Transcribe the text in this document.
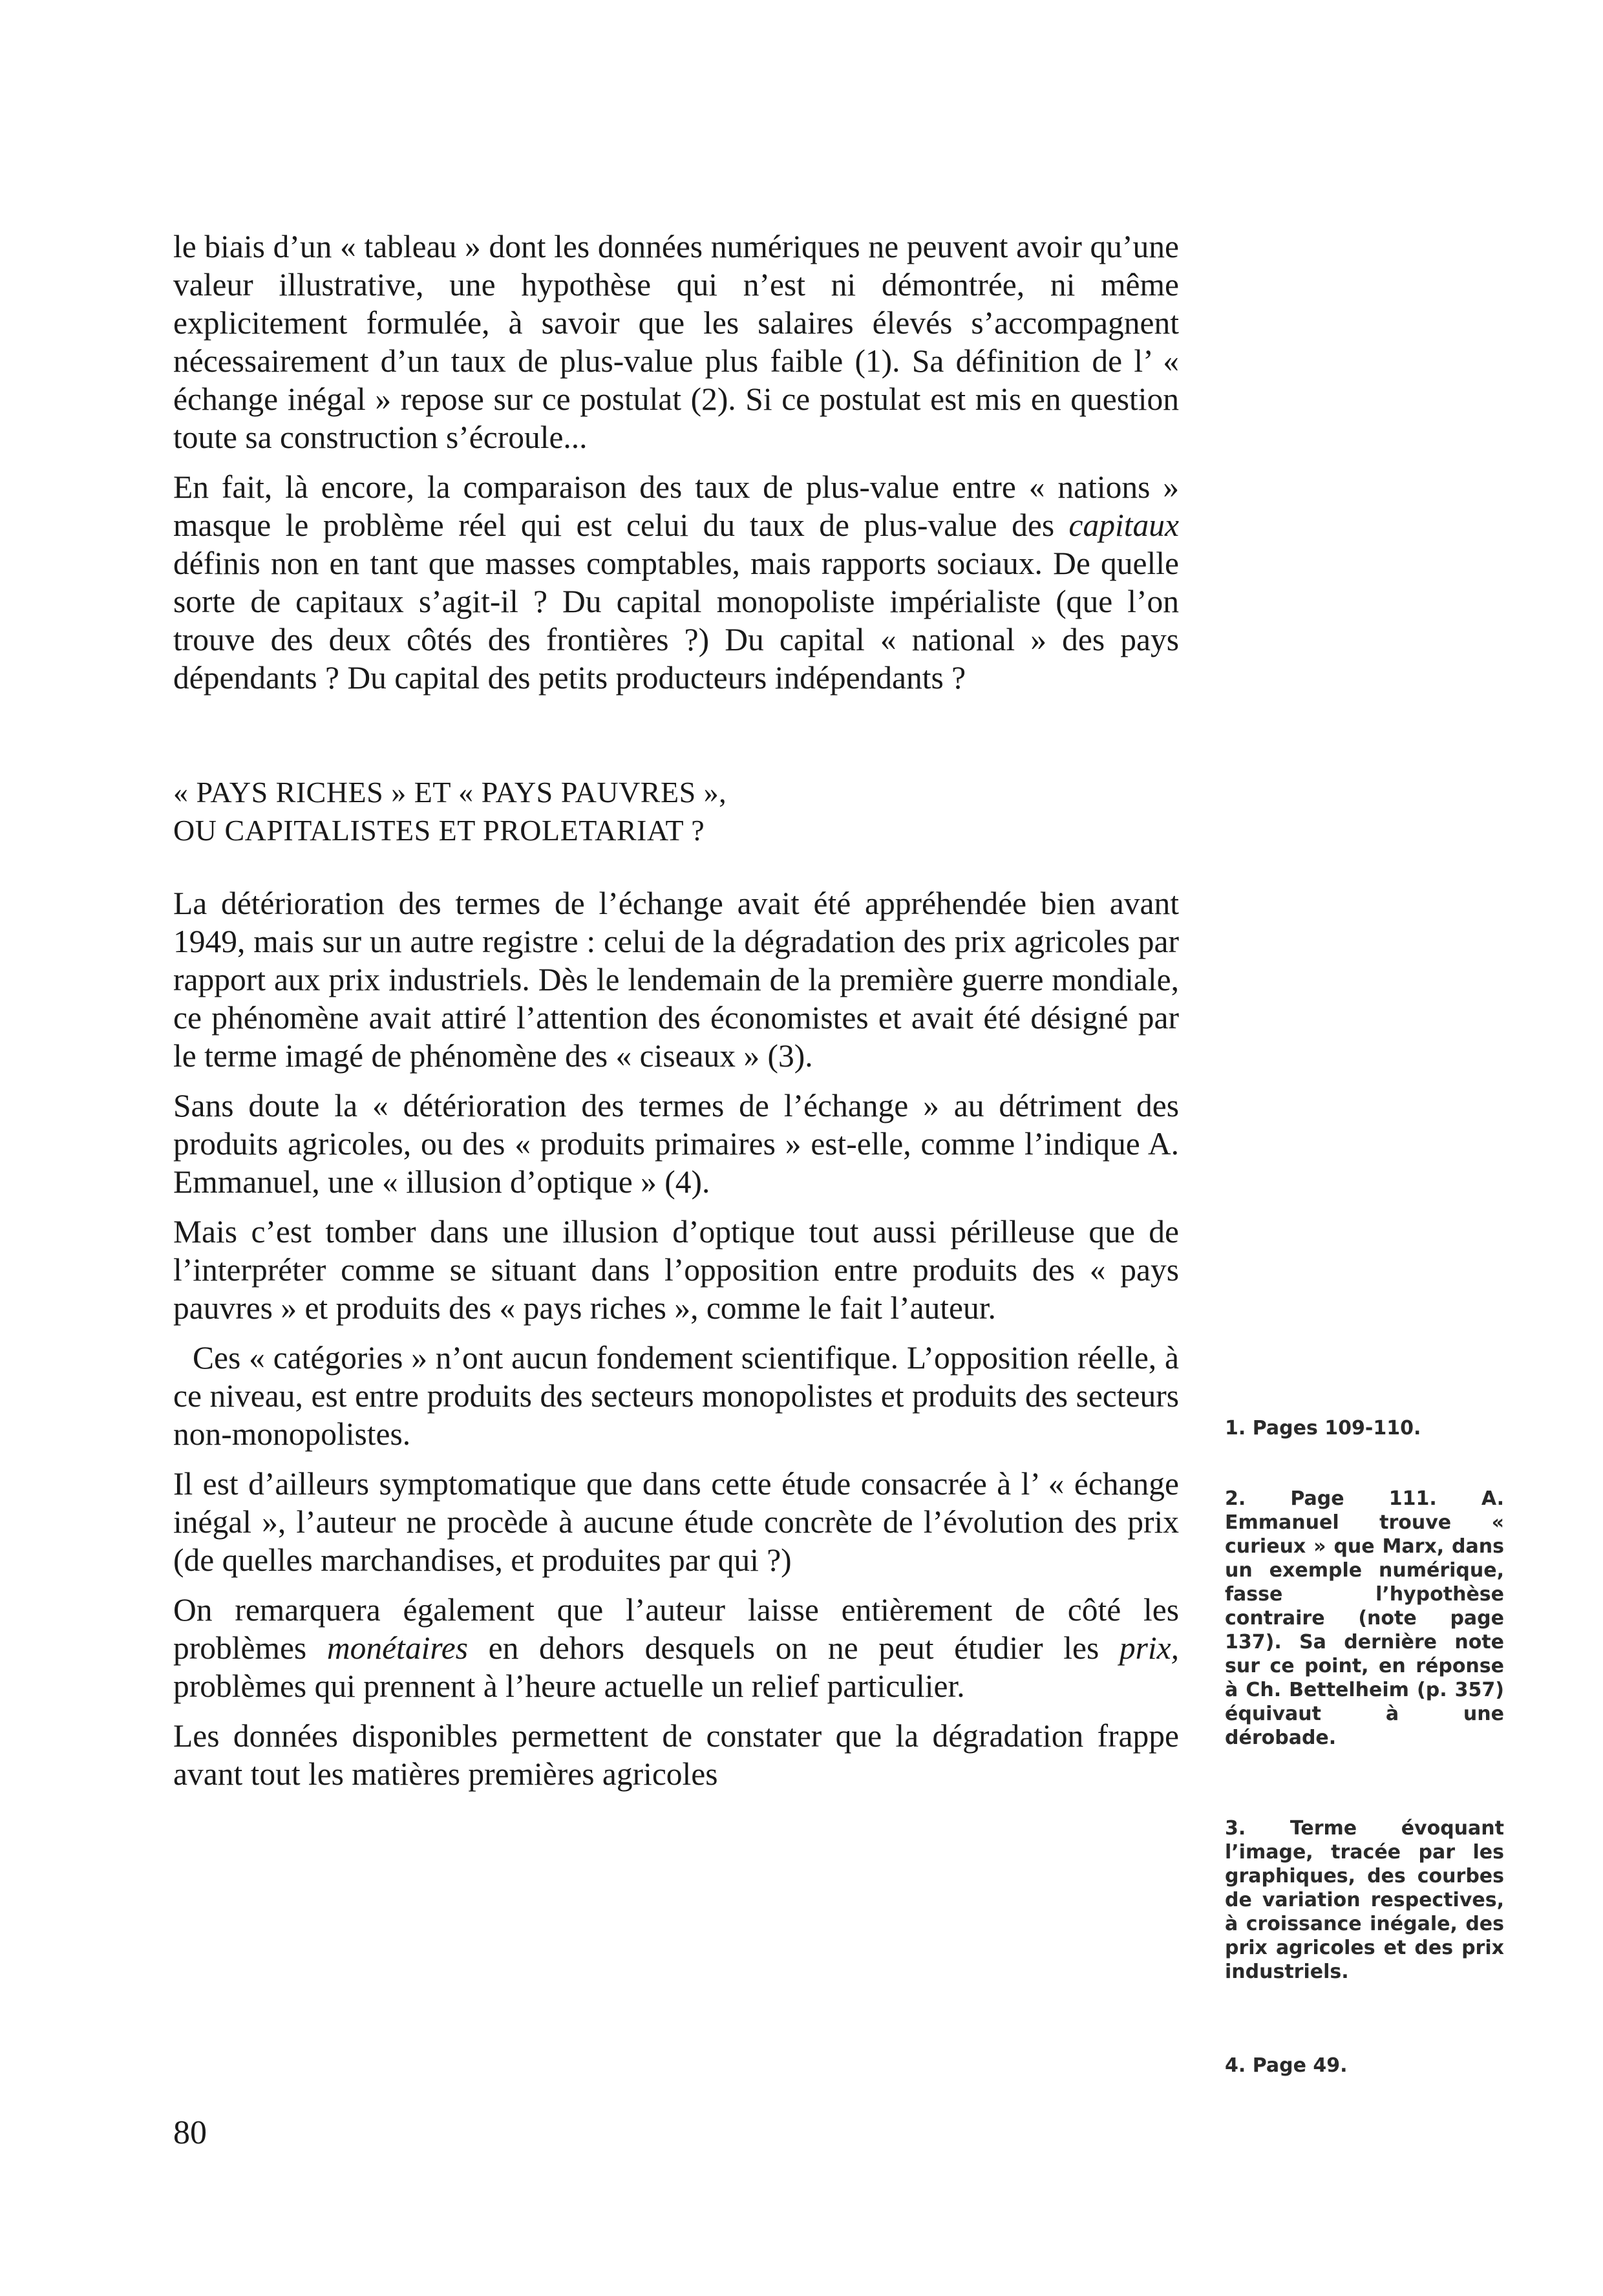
le biais d’un « tableau » dont les données numériques ne peuvent avoir qu’une valeur illustrative, une hypothèse qui n’est ni démontrée, ni même explicitement formulée, à savoir que les salaires élevés s’accompagnent nécessairement d’un taux de plus-value plus faible (1). Sa définition de l’ « échange inégal » repose sur ce postulat (2). Si ce postulat est mis en question toute sa construction s’écroule...

En fait, là encore, la comparaison des taux de plus-value entre « nations » masque le problème réel qui est celui du taux de plus-value des capitaux définis non en tant que masses comptables, mais rapports sociaux. De quelle sorte de capitaux s’agit-il ? Du capital monopoliste impérialiste (que l’on trouve des deux côtés des frontières ?) Du capital « national » des pays dépendants ? Du capital des petits producteurs indépendants ?

« PAYS RICHES » ET « PAYS PAUVRES »,
OU CAPITALISTES ET PROLETARIAT ?

La détérioration des termes de l’échange avait été appréhendée bien avant 1949, mais sur un autre registre : celui de la dégradation des prix agricoles par rapport aux prix industriels. Dès le lendemain de la première guerre mondiale, ce phénomène avait attiré l’attention des économistes et avait été désigné par le terme imagé de phénomène des « ciseaux » (3).

Sans doute la « détérioration des termes de l’échange » au détriment des produits agricoles, ou des « produits primaires » est-elle, comme l’indique A. Emmanuel, une « illusion d’optique » (4).

Mais c’est tomber dans une illusion d’optique tout aussi périlleuse que de l’interpréter comme se situant dans l’opposition entre produits des « pays pauvres » et produits des « pays riches », comme le fait l’auteur.

Ces « catégories » n’ont aucun fondement scientifique. L’opposition réelle, à ce niveau, est entre produits des secteurs monopolistes et produits des secteurs non-monopolistes.

Il est d’ailleurs symptomatique que dans cette étude consacrée à l’ « échange inégal », l’auteur ne procède à aucune étude concrète de l’évolution des prix (de quelles marchandises, et produites par qui ?)

On remarquera également que l’auteur laisse entièrement de côté les problèmes monétaires en dehors desquels on ne peut étudier les prix, problèmes qui prennent à l’heure actuelle un relief particulier.

Les données disponibles permettent de constater que la dégradation frappe avant tout les matières premières agricoles

1. Pages 109-110.
2. Page 111. A. Emmanuel trouve « curieux » que Marx, dans un exemple numérique, fasse l’hypothèse contraire (note page 137). Sa dernière note sur ce point, en réponse à Ch. Bettelheim (p. 357) équivaut à une dérobade.
3. Terme évoquant l’image, tracée par les graphiques, des courbes de variation respectives, à croissance inégale, des prix agricoles et des prix industriels.
4. Page 49.
80
